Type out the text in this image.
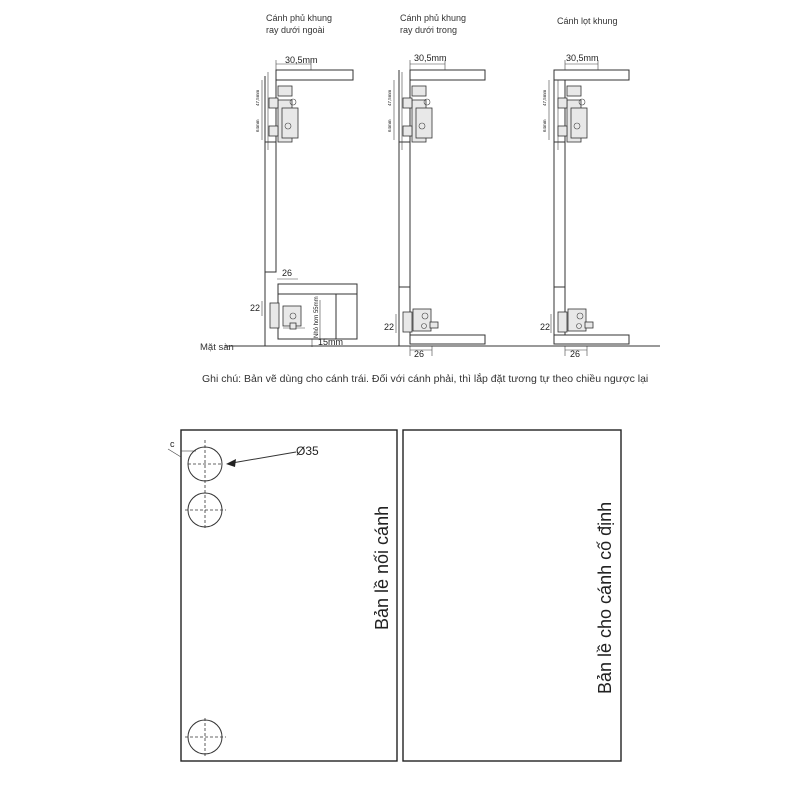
Cánh phủ khung
ray dưới ngoài
Cánh phủ khung
ray dưới trong
Cánh lọt khung
30,5mm
47,5mm
64mm
26
22	Nhỏ hơn 55mm
15mm
30,5mm
47,5mm
64mm
22
26
30,5mm
47,5mm
64mm
22
26
Mặt sàn
Ghi chú: Bản vẽ dùng cho cánh trái. Đối với cánh phải, thì lắp đặt tương tự theo chiều ngược lại
c	Ø35
Bản lề nối cánh	Bản lề cho cánh cố định
